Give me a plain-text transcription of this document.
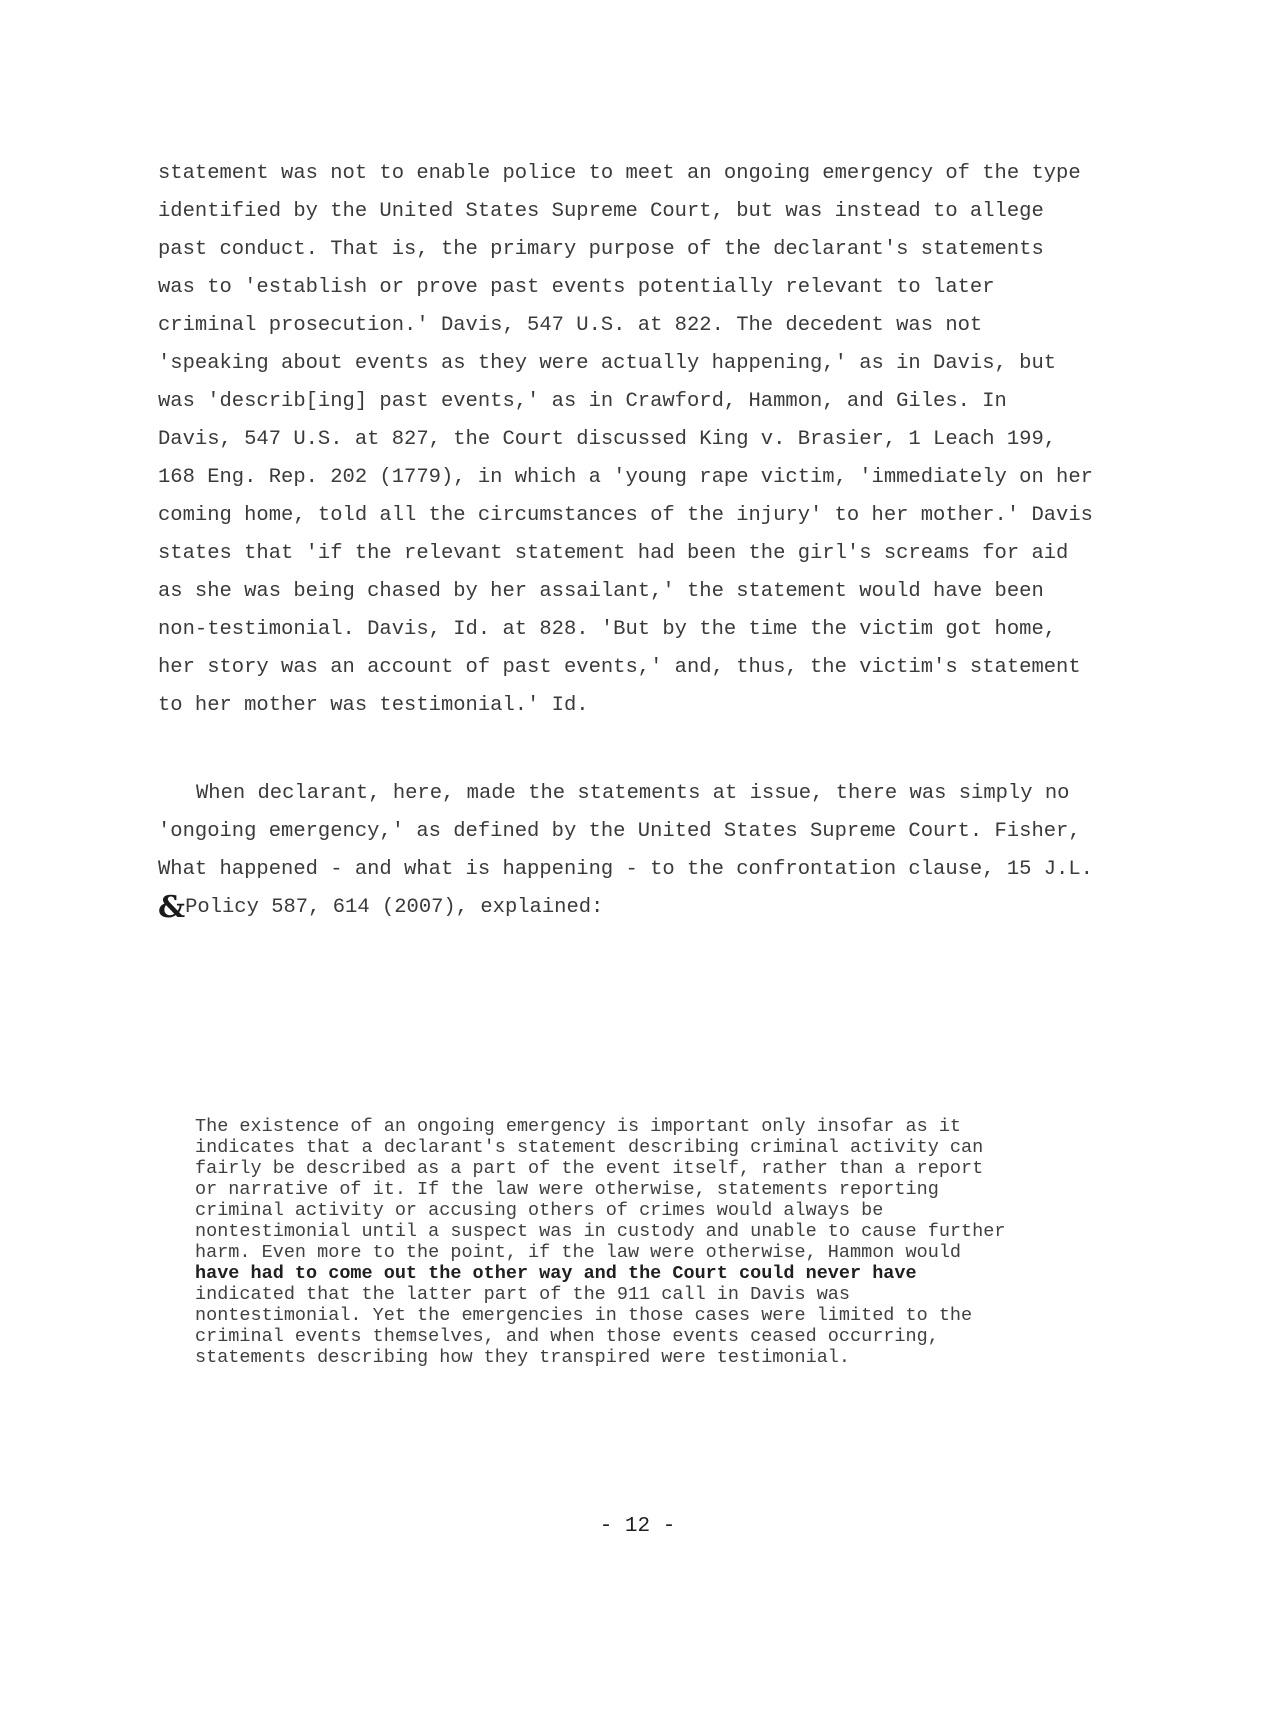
statement was not to enable police to meet an ongoing emergency of the type
identified by the United States Supreme Court, but was instead to allege
past conduct. That is, the primary purpose of the declarant's statements
was to 'establish or prove past events potentially relevant to later
criminal prosecution.' Davis, 547 U.S. at 822. The decedent was not
'speaking about events as they were actually happening,' as in Davis, but
was 'describ[ing] past events,' as in Crawford, Hammon, and Giles. In
Davis, 547 U.S. at 827, the Court discussed King v. Brasier, 1 Leach 199,
168 Eng. Rep. 202 (1779), in which a 'young rape victim, 'immediately on her
coming home, told all the circumstances of the injury' to her mother.' Davis
states that 'if the relevant statement had been the girl's screams for aid
as she was being chased by her assailant,' the statement would have been
non-testimonial. Davis, Id. at 828. 'But by the time the victim got home,
her story was an account of past events,' and, thus, the victim's statement
to her mother was testimonial.' Id.
When declarant, here, made the statements at issue, there was simply no
'ongoing emergency,' as defined by the United States Supreme Court. Fisher,
What happened - and what is happening - to the confrontation clause, 15 J.L.
& Policy 587, 614 (2007), explained:
The existence of an ongoing emergency is important only insofar as it
indicates that a declarant's statement describing criminal activity can
fairly be described as a part of the event itself, rather than a report
or narrative of it. If the law were otherwise, statements reporting
criminal activity or accusing others of crimes would always be
nontestimonial until a suspect was in custody and unable to cause further
harm. Even more to the point, if the law were otherwise, Hammon would
have had to come out the other way and the Court could never have
indicated that the latter part of the 911 call in Davis was
nontestimonial. Yet the emergencies in those cases were limited to the
criminal events themselves, and when those events ceased occurring,
statements describing how they transpired were testimonial.
- 12 -
